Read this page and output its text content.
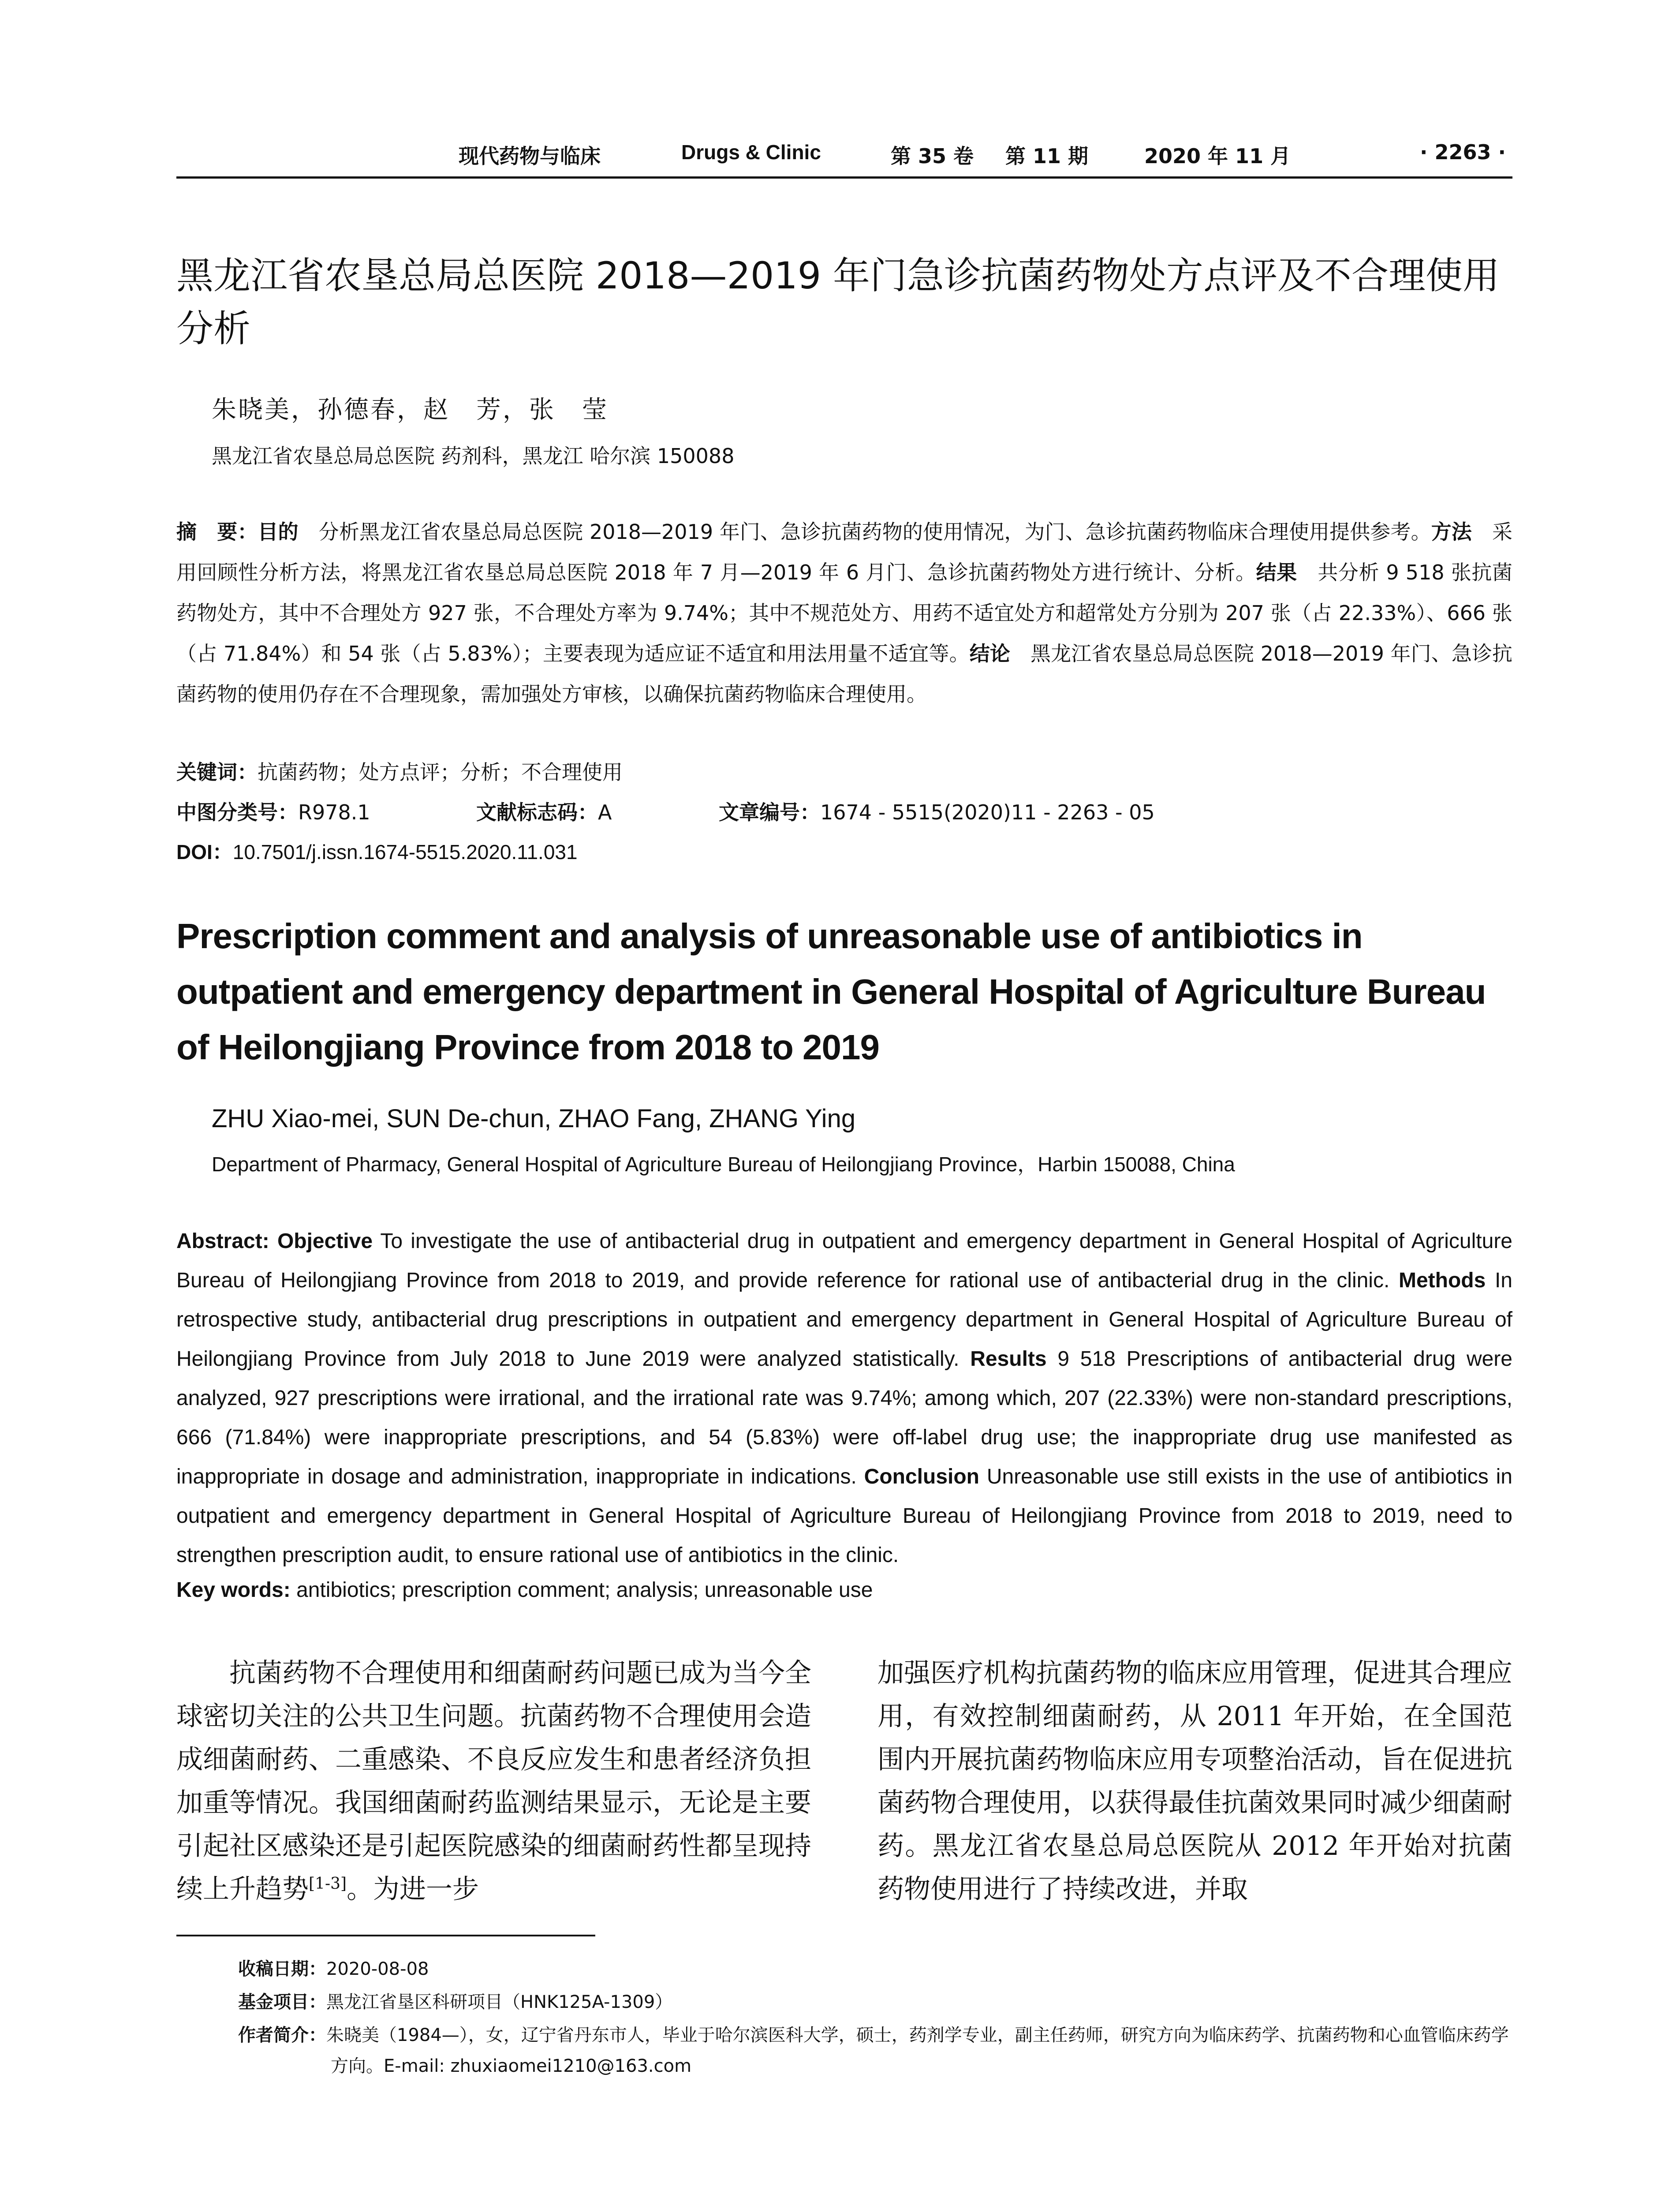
现代药物与临床	Drugs & Clinic	第 35 卷 第 11 期	2020 年 11 月	· 2263 ·
黑龙江省农垦总局总医院 2018—2019 年门急诊抗菌药物处方点评及不合理使用分析
朱晓美，孙德春，赵　芳，张　莹
黑龙江省农垦总局总医院 药剂科，黑龙江 哈尔滨 150088
摘　要：目的　分析黑龙江省农垦总局总医院 2018—2019 年门、急诊抗菌药物的使用情况，为门、急诊抗菌药物临床合理使用提供参考。方法　采用回顾性分析方法，将黑龙江省农垦总局总医院 2018 年 7 月—2019 年 6 月门、急诊抗菌药物处方进行统计、分析。结果　共分析 9 518 张抗菌药物处方，其中不合理处方 927 张，不合理处方率为 9.74%；其中不规范处方、用药不适宜处方和超常处方分别为 207 张（占 22.33%）、666 张（占 71.84%）和 54 张（占 5.83%）；主要表现为适应证不适宜和用法用量不适宜等。结论　黑龙江省农垦总局总医院 2018—2019 年门、急诊抗菌药物的使用仍存在不合理现象，需加强处方审核，以确保抗菌药物临床合理使用。
关键词：抗菌药物；处方点评；分析；不合理使用
中图分类号：R978.1	文献标志码：A	文章编号：1674 - 5515(2020)11 - 2263 - 05
DOI：10.7501/j.issn.1674-5515.2020.11.031
Prescription comment and analysis of unreasonable use of antibiotics in outpatient and emergency department in General Hospital of Agriculture Bureau of Heilongjiang Province from 2018 to 2019
ZHU Xiao-mei, SUN De-chun, ZHAO Fang, ZHANG Ying
Department of Pharmacy, General Hospital of Agriculture Bureau of Heilongjiang Province，Harbin 150088, China
Abstract: Objective To investigate the use of antibacterial drug in outpatient and emergency department in General Hospital of Agriculture Bureau of Heilongjiang Province from 2018 to 2019, and provide reference for rational use of antibacterial drug in the clinic. Methods In retrospective study, antibacterial drug prescriptions in outpatient and emergency department in General Hospital of Agriculture Bureau of Heilongjiang Province from July 2018 to June 2019 were analyzed statistically. Results 9 518 Prescriptions of antibacterial drug were analyzed, 927 prescriptions were irrational, and the irrational rate was 9.74%; among which, 207 (22.33%) were non-standard prescriptions, 666 (71.84%) were inappropriate prescriptions, and 54 (5.83%) were off-label drug use; the inappropriate drug use manifested as inappropriate in dosage and administration, inappropriate in indications. Conclusion Unreasonable use still exists in the use of antibiotics in outpatient and emergency department in General Hospital of Agriculture Bureau of Heilongjiang Province from 2018 to 2019, need to strengthen prescription audit, to ensure rational use of antibiotics in the clinic.
Key words: antibiotics; prescription comment; analysis; unreasonable use
抗菌药物不合理使用和细菌耐药问题已成为当今全球密切关注的公共卫生问题。抗菌药物不合理使用会造成细菌耐药、二重感染、不良反应发生和患者经济负担加重等情况。我国细菌耐药监测结果显示，无论是主要引起社区感染还是引起医院感染的细菌耐药性都呈现持续上升趋势[1-3]。为进一步
加强医疗机构抗菌药物的临床应用管理，促进其合理应用，有效控制细菌耐药，从 2011 年开始，在全国范围内开展抗菌药物临床应用专项整治活动，旨在促进抗菌药物合理使用，以获得最佳抗菌效果同时减少细菌耐药。黑龙江省农垦总局总医院从 2012 年开始对抗菌药物使用进行了持续改进，并取
收稿日期：2020-08-08
基金项目：黑龙江省垦区科研项目（HNK125A-1309）
作者简介：朱晓美（1984—），女，辽宁省丹东市人，毕业于哈尔滨医科大学，硕士，药剂学专业，副主任药师，研究方向为临床药学、抗菌药物和心血管临床药学方向。E-mail: zhuxiaomei1210@163.com
